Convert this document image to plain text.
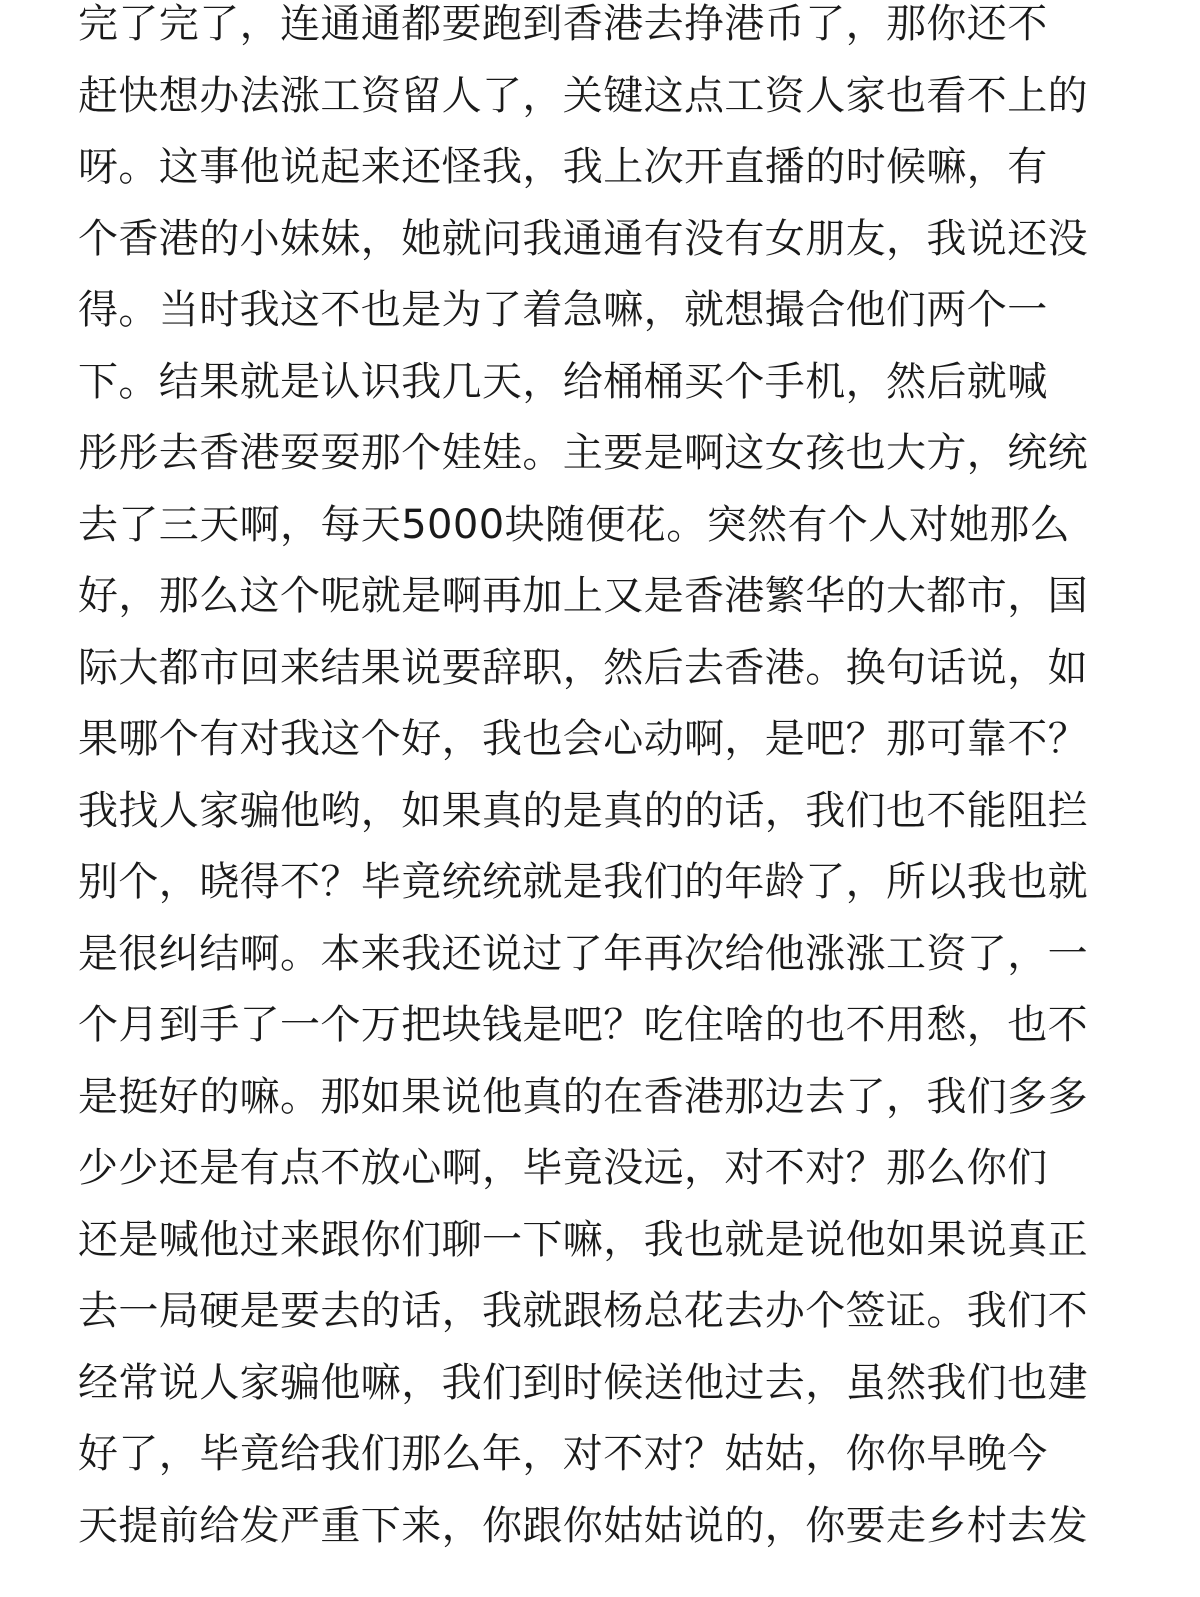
完了完了，连通通都要跑到香港去挣港币了，那你还不
赶快想办法涨工资留人了，关键这点工资人家也看不上的
呀。这事他说起来还怪我，我上次开直播的时候嘛，有
个香港的小妹妹，她就问我通通有没有女朋友，我说还没
得。当时我这不也是为了着急嘛，就想撮合他们两个一
下。结果就是认识我几天，给桶桶买个手机，然后就喊
彤彤去香港耍耍那个娃娃。主要是啊这女孩也大方，统统
去了三天啊，每天5000块随便花。突然有个人对她那么
好，那么这个呢就是啊再加上又是香港繁华的大都市，国
际大都市回来结果说要辞职，然后去香港。换句话说，如
果哪个有对我这个好，我也会心动啊，是吧？那可靠不？
我找人家骗他哟，如果真的是真的的话，我们也不能阻拦
别个，晓得不？毕竟统统就是我们的年龄了，所以我也就
是很纠结啊。本来我还说过了年再次给他涨涨工资了，一
个月到手了一个万把块钱是吧？吃住啥的也不用愁，也不
是挺好的嘛。那如果说他真的在香港那边去了，我们多多
少少还是有点不放心啊，毕竟没远，对不对？那么你们
还是喊他过来跟你们聊一下嘛，我也就是说他如果说真正
去一局硬是要去的话，我就跟杨总花去办个签证。我们不
经常说人家骗他嘛，我们到时候送他过去，虽然我们也建
好了，毕竟给我们那么年，对不对？姑姑，你你早晚今
天提前给发严重下来，你跟你姑姑说的，你要走乡村去发
